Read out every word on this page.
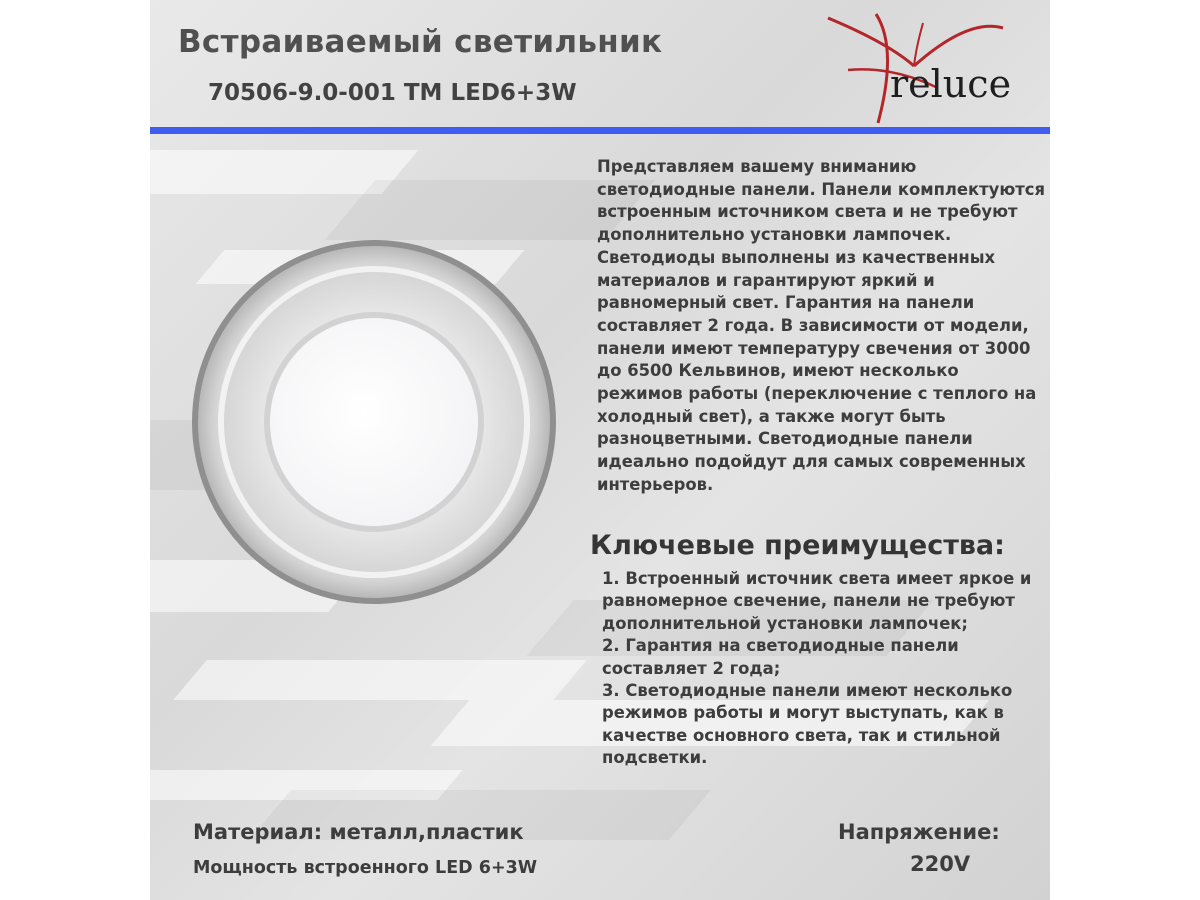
Встраиваемый светильник
70506-9.0-001 TM LED6+3W	reluce

Представляем вашему вниманию светодиодные панели. Панели комплектуются встроенным источником света и не требуют дополнительно установки лампочек. Светодиоды выполнены из качественных материалов и гарантируют яркий и равномерный свет. Гарантия на панели составляет 2 года. В зависимости от модели, панели имеют температуру свечения от 3000 до 6500 Кельвинов, имеют несколько режимов работы (переключение с теплого на холодный свет), а также могут быть разноцветными. Светодиодные панели идеально подойдут для самых современных интерьеров.

Ключевые преимущества:

1. Встроенный источник света имеет яркое и равномерное свечение, панели не требуют дополнительной установки лампочек;

2. Гарантия на светодиодные панели составляет 2 года;

3. Светодиодные панели имеют несколько режимов работы и могут выступать, как в качестве основного света, так и стильной подсветки.

Материал: металл,пластик
Мощность встроенного LED 6+3W
Напряжение:
220V
